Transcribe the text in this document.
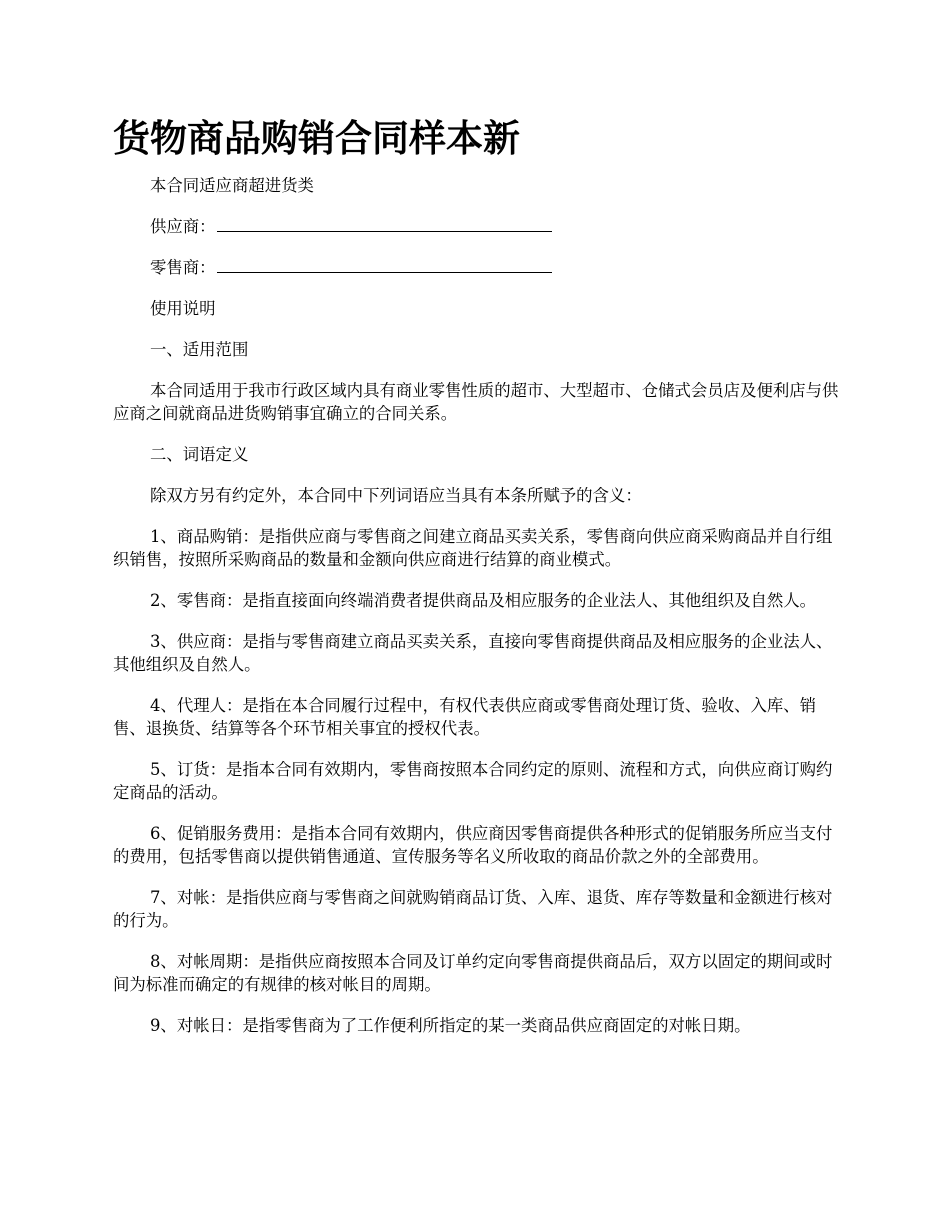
货物商品购销合同样本新

本合同适应商超进货类

供应商：

零售商：

使用说明

一、适用范围

本合同适用于我市行政区域内具有商业零售性质的超市、大型超市、仓储式会员店及便利店与供应商之间就商品进货购销事宜确立的合同关系。

二、词语定义

除双方另有约定外，本合同中下列词语应当具有本条所赋予的含义：

1、商品购销：是指供应商与零售商之间建立商品买卖关系，零售商向供应商采购商品并自行组织销售，按照所采购商品的数量和金额向供应商进行结算的商业模式。

2、零售商：是指直接面向终端消费者提供商品及相应服务的企业法人、其他组织及自然人。

3、供应商：是指与零售商建立商品买卖关系，直接向零售商提供商品及相应服务的企业法人、其他组织及自然人。

4、代理人：是指在本合同履行过程中，有权代表供应商或零售商处理订货、验收、入库、销售、退换货、结算等各个环节相关事宜的授权代表。

5、订货：是指本合同有效期内，零售商按照本合同约定的原则、流程和方式，向供应商订购约定商品的活动。

6、促销服务费用：是指本合同有效期内，供应商因零售商提供各种形式的促销服务所应当支付的费用，包括零售商以提供销售通道、宣传服务等名义所收取的商品价款之外的全部费用。

7、对帐：是指供应商与零售商之间就购销商品订货、入库、退货、库存等数量和金额进行核对的行为。

8、对帐周期：是指供应商按照本合同及订单约定向零售商提供商品后，双方以固定的期间或时间为标准而确定的有规律的核对帐目的周期。

9、对帐日：是指零售商为了工作便利所指定的某一类商品供应商固定的对帐日期。
